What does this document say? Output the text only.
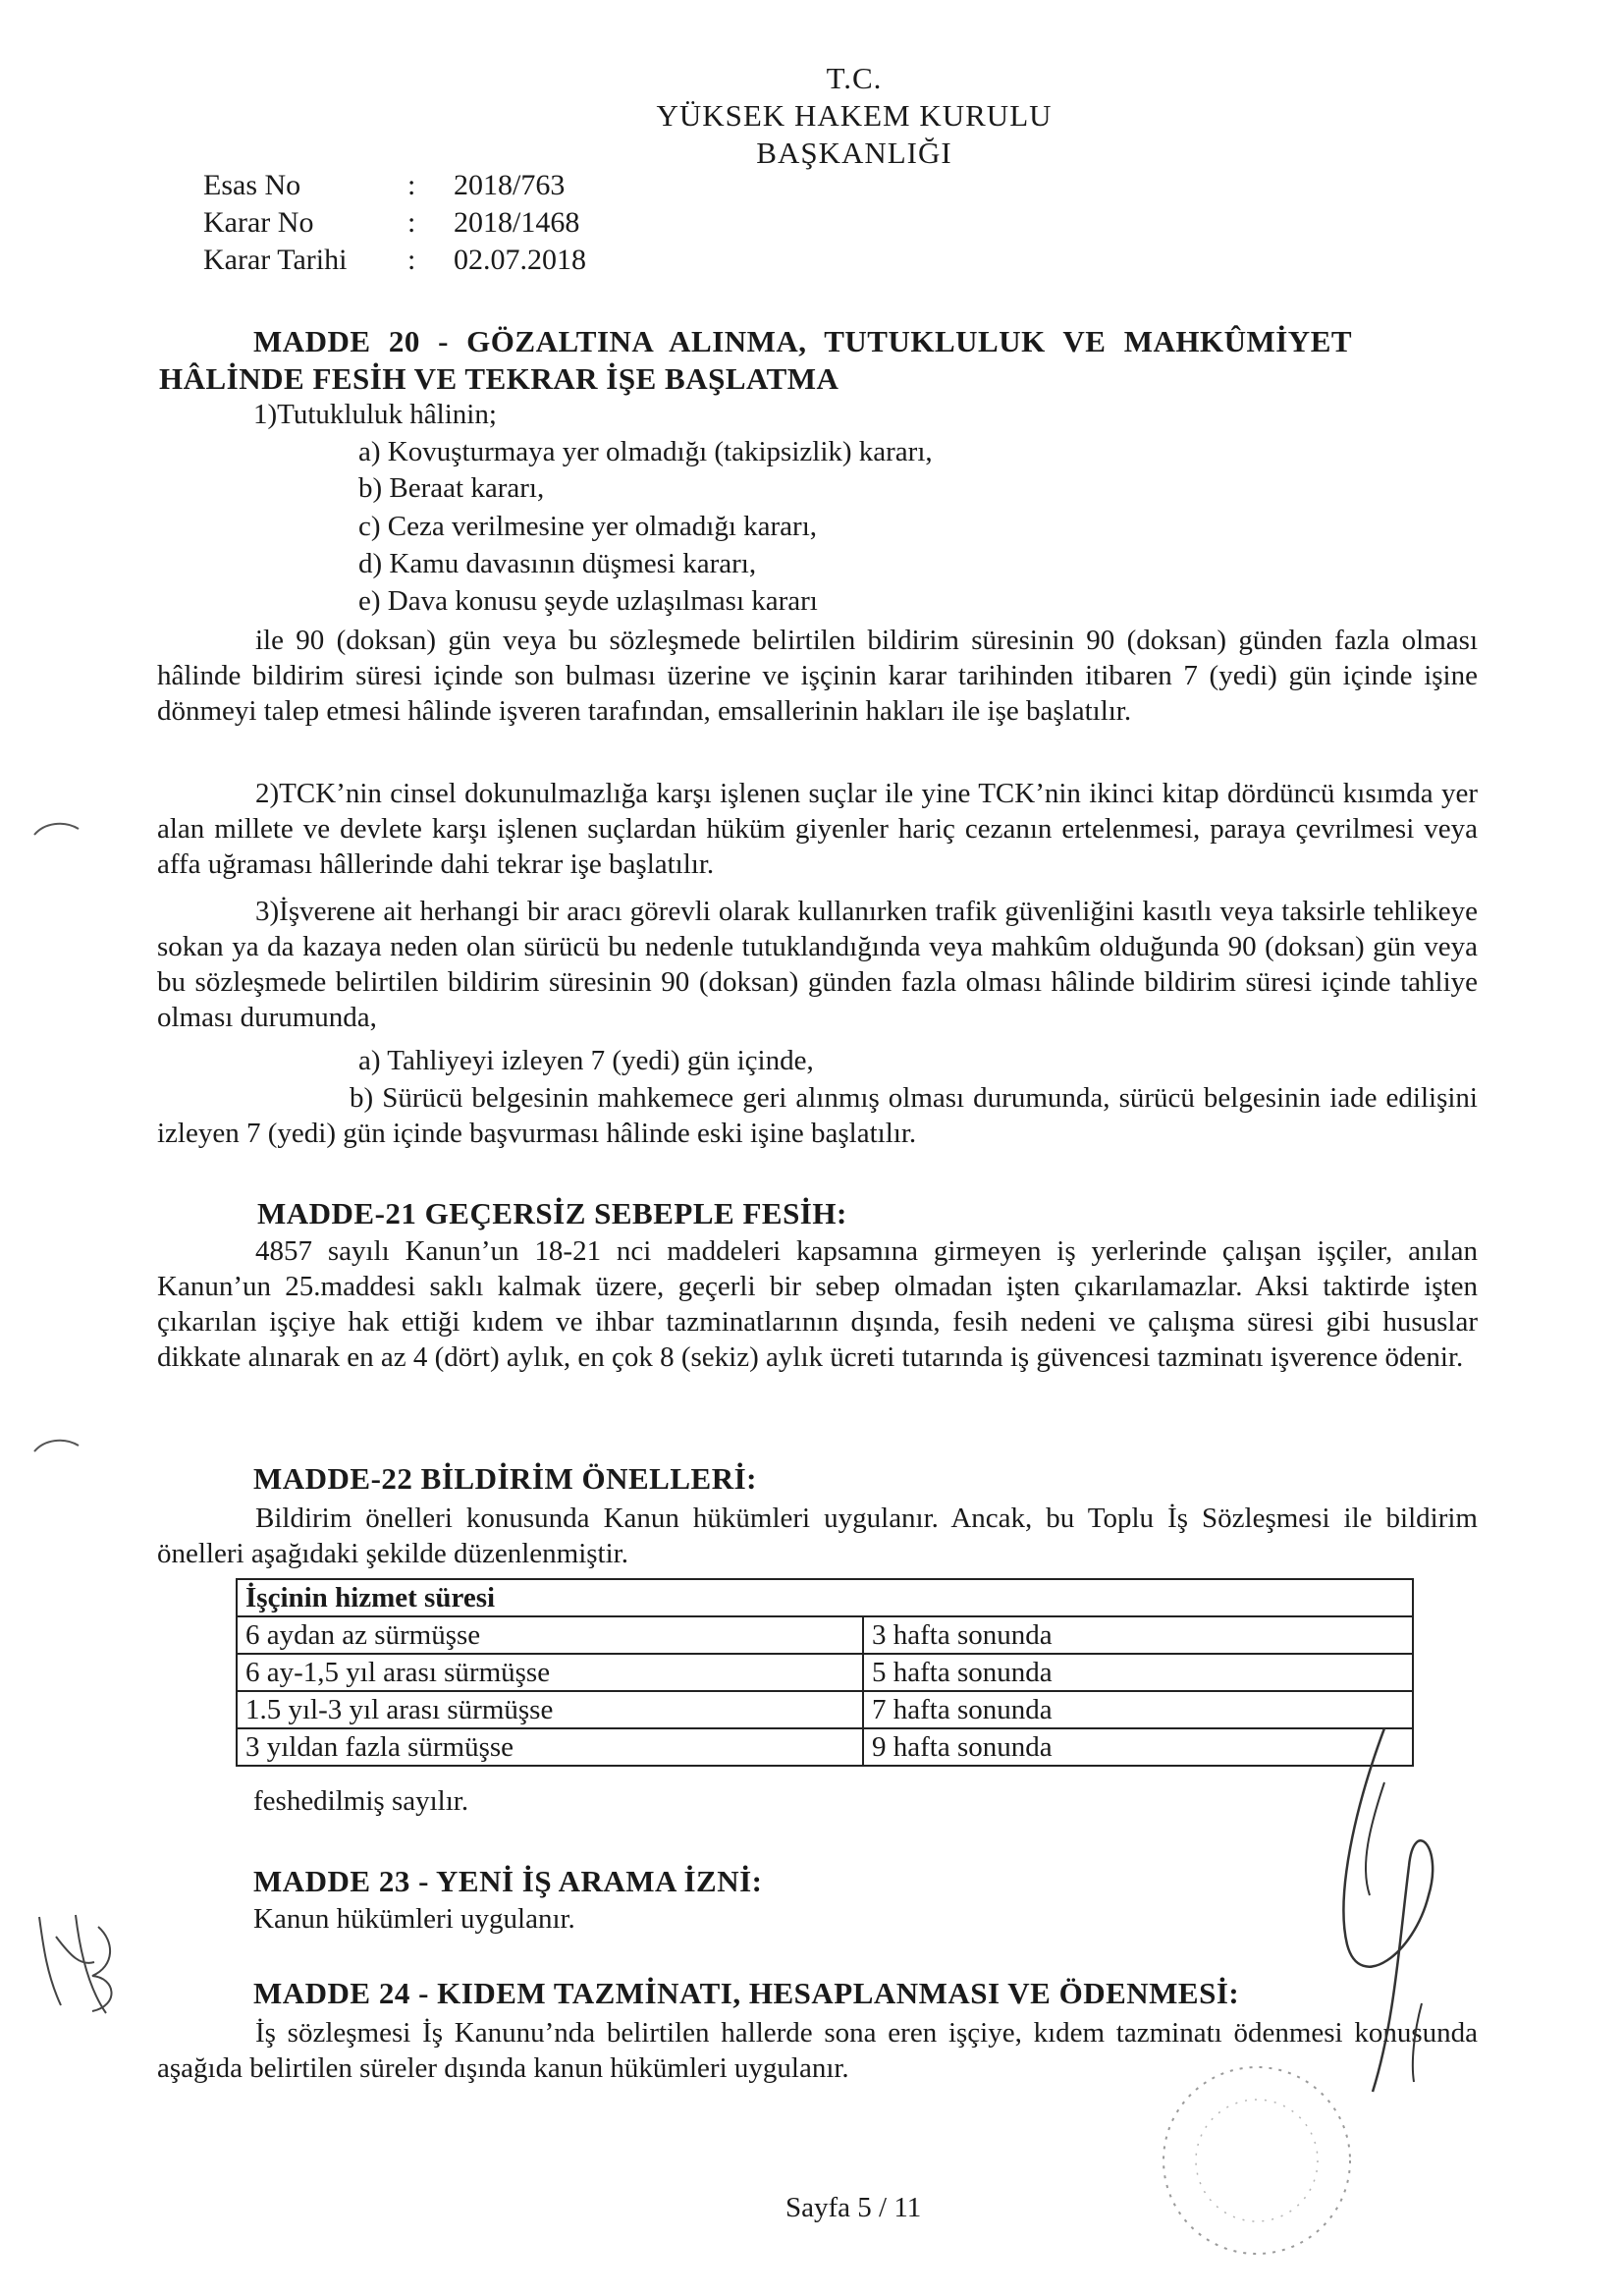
T.C.
YÜKSEK HAKEM KURULU
BAŞKANLIĞI
Esas No	: 2018/763
Karar No	: 2018/1468
Karar Tarihi : 02.07.2018
MADDE 20 - GÖZALTINA ALINMA, TUTUKLULUK VE MAHKÛMİYET
HÂLİNDE FESİH VE TEKRAR İŞE BAŞLATMA
1)Tutukluluk hâlinin;
a) Kovuşturmaya yer olmadığı (takipsizlik) kararı,
b) Beraat kararı,
c) Ceza verilmesine yer olmadığı kararı,
d) Kamu davasının düşmesi kararı,
e) Dava konusu şeyde uzlaşılması kararı
ile 90 (doksan) gün veya bu sözleşmede belirtilen bildirim süresinin 90 (doksan) günden fazla olması hâlinde bildirim süresi içinde son bulması üzerine ve işçinin karar tarihinden itibaren 7 (yedi) gün içinde işine dönmeyi talep etmesi hâlinde işveren tarafından, emsallerinin hakları ile işe başlatılır.
2)TCK’nin cinsel dokunulmazlığa karşı işlenen suçlar ile yine TCK’nin ikinci kitap dördüncü kısımda yer alan millete ve devlete karşı işlenen suçlardan hüküm giyenler hariç cezanın ertelenmesi, paraya çevrilmesi veya affa uğraması hâllerinde dahi tekrar işe başlatılır.
3)İşverene ait herhangi bir aracı görevli olarak kullanırken trafik güvenliğini kasıtlı veya taksirle tehlikeye sokan ya da kazaya neden olan sürücü bu nedenle tutuklandığında veya mahkûm olduğunda 90 (doksan) gün veya bu sözleşmede belirtilen bildirim süresinin 90 (doksan) günden fazla olması hâlinde bildirim süresi içinde tahliye olması durumunda,
a) Tahliyeyi izleyen 7 (yedi) gün içinde,
b) Sürücü belgesinin mahkemece geri alınmış olması durumunda, sürücü belgesinin iade edilişini izleyen 7 (yedi) gün içinde başvurması hâlinde eski işine başlatılır.
MADDE-21 GEÇERSİZ SEBEPLE FESİH:
4857 sayılı Kanun’un 18-21 nci maddeleri kapsamına girmeyen iş yerlerinde çalışan işçiler, anılan Kanun’un 25.maddesi saklı kalmak üzere, geçerli bir sebep olmadan işten çıkarılamazlar. Aksi taktirde işten çıkarılan işçiye hak ettiği kıdem ve ihbar tazminatlarının dışında, fesih nedeni ve çalışma süresi gibi hususlar dikkate alınarak en az 4 (dört) aylık, en çok 8 (sekiz) aylık ücreti tutarında iş güvencesi tazminatı işverence ödenir.
MADDE-22 BİLDİRİM ÖNELLERİ:
Bildirim önelleri konusunda Kanun hükümleri uygulanır. Ancak, bu Toplu İş Sözleşmesi ile bildirim önelleri aşağıdaki şekilde düzenlenmiştir.
İşçinin hizmet süresi	
6 aydan az sürmüşse	3 hafta sonunda
6 ay-1,5 yıl arası sürmüşse	5 hafta sonunda
1.5 yıl-3 yıl arası sürmüşse	7 hafta sonunda
3 yıldan fazla sürmüşse	9 hafta sonunda
feshedilmiş sayılır.
MADDE 23 - YENİ İŞ ARAMA İZNİ:
Kanun hükümleri uygulanır.
MADDE 24 - KIDEM TAZMİNATI, HESAPLANMASI VE ÖDENMESİ:
İş sözleşmesi İş Kanunu’nda belirtilen hallerde sona eren işçiye, kıdem tazminatı ödenmesi konusunda aşağıda belirtilen süreler dışında kanun hükümleri uygulanır.
Sayfa 5 / 11
